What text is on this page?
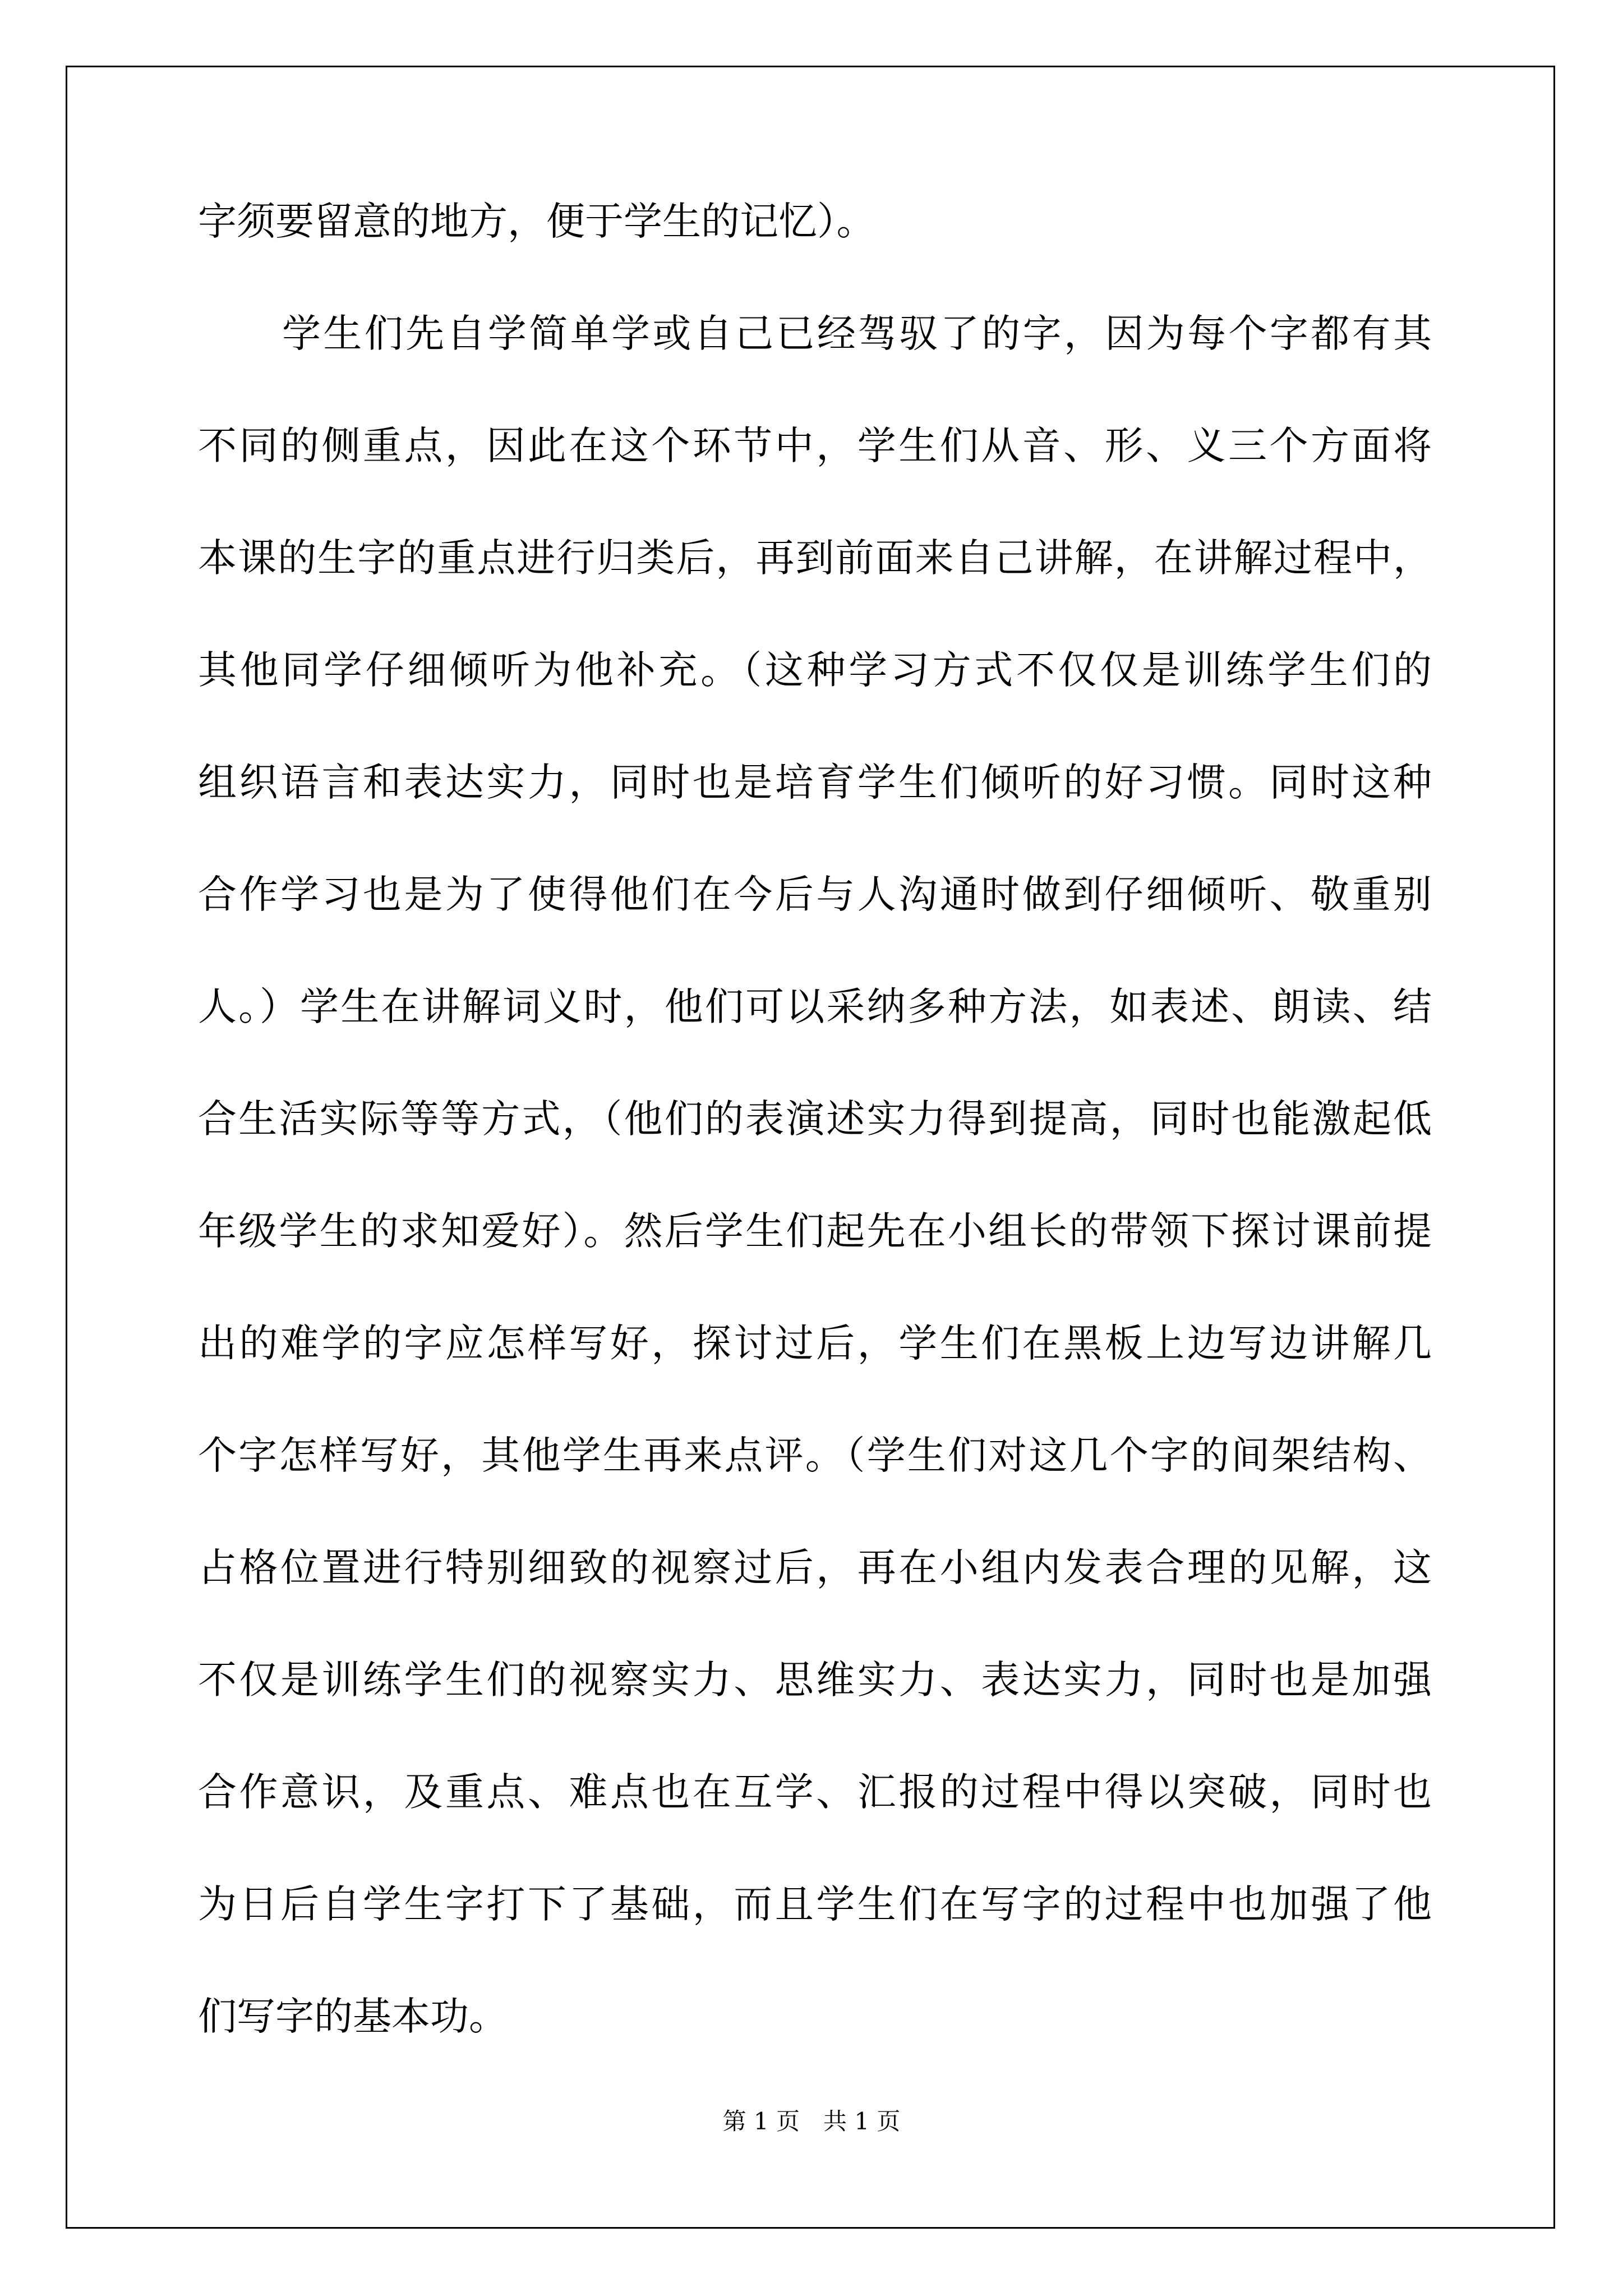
字须要留意的地方，便于学生的记忆）。
学生们先自学简单学或自己已经驾驭了的字，因为每个字都有其
不同的侧重点，因此在这个环节中，学生们从音、形、义三个方面将
本课的生字的重点进行归类后，再到前面来自己讲解，在讲解过程中，
其他同学仔细倾听为他补充。（这种学习方式不仅仅是训练学生们的
组织语言和表达实力，同时也是培育学生们倾听的好习惯。同时这种
合作学习也是为了使得他们在今后与人沟通时做到仔细倾听、敬重别
人。）学生在讲解词义时，他们可以采纳多种方法，如表述、朗读、结
合生活实际等等方式，（他们的表演述实力得到提高，同时也能激起低
年级学生的求知爱好）。然后学生们起先在小组长的带领下探讨课前提
出的难学的字应怎样写好，探讨过后，学生们在黑板上边写边讲解几
个字怎样写好，其他学生再来点评。（学生们对这几个字的间架结构、
占格位置进行特别细致的视察过后，再在小组内发表合理的见解，这
不仅是训练学生们的视察实力、思维实力、表达实力，同时也是加强
合作意识，及重点、难点也在互学、汇报的过程中得以突破，同时也
为日后自学生字打下了基础，而且学生们在写字的过程中也加强了他
们写字的基本功。
第 1 页　共 1 页
